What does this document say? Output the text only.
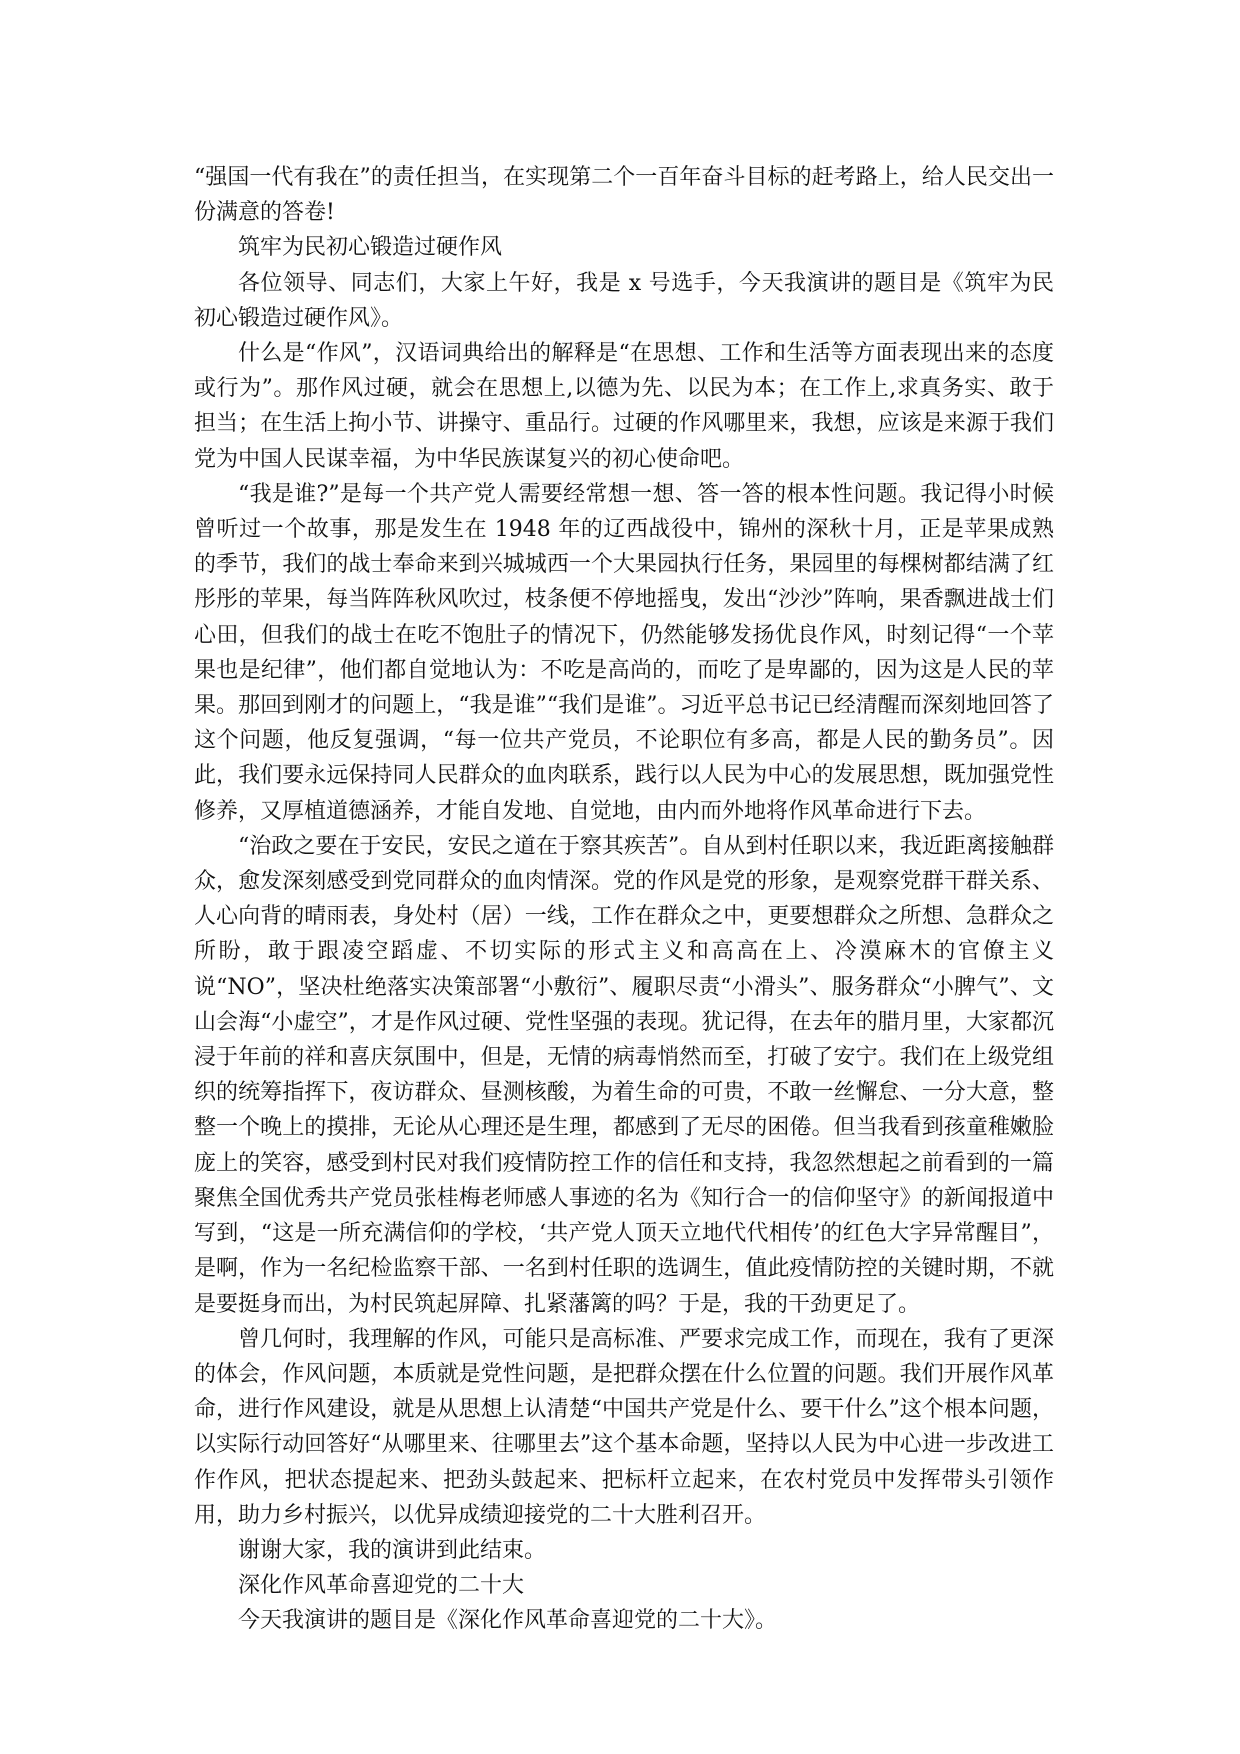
“强国一代有我在”的责任担当，在实现第二个一百年奋斗目标的赶考路上，给人民交出一份满意的答卷!

筑牢为民初心锻造过硬作风

各位领导、同志们，大家上午好，我是 x 号选手，今天我演讲的题目是《筑牢为民初心锻造过硬作风》。

什么是“作风”，汉语词典给出的解释是“在思想、工作和生活等方面表现出来的态度或行为”。那作风过硬，就会在思想上,以德为先、以民为本；在工作上,求真务实、敢于担当；在生活上拘小节、讲操守、重品行。过硬的作风哪里来，我想，应该是来源于我们党为中国人民谋幸福，为中华民族谋复兴的初心使命吧。

“我是谁?”是每一个共产党人需要经常想一想、答一答的根本性问题。我记得小时候曾听过一个故事，那是发生在 1948 年的辽西战役中，锦州的深秋十月，正是苹果成熟的季节，我们的战士奉命来到兴城城西一个大果园执行任务，果园里的每棵树都结满了红彤彤的苹果，每当阵阵秋风吹过，枝条便不停地摇曳，发出“沙沙”阵响，果香飘进战士们心田，但我们的战士在吃不饱肚子的情况下，仍然能够发扬优良作风，时刻记得“一个苹果也是纪律”，他们都自觉地认为：不吃是高尚的，而吃了是卑鄙的，因为这是人民的苹果。那回到刚才的问题上，“我是谁”“我们是谁”。习近平总书记已经清醒而深刻地回答了这个问题，他反复强调，“每一位共产党员，不论职位有多高，都是人民的勤务员”。因此，我们要永远保持同人民群众的血肉联系，践行以人民为中心的发展思想，既加强党性修养，又厚植道德涵养，才能自发地、自觉地，由内而外地将作风革命进行下去。

“治政之要在于安民，安民之道在于察其疾苦”。自从到村任职以来，我近距离接触群众，愈发深刻感受到党同群众的血肉情深。党的作风是党的形象，是观察党群干群关系、人心向背的晴雨表，身处村（居）一线，工作在群众之中，更要想群众之所想、急群众之所盼，敢于跟凌空蹈虚、不切实际的形式主义和高高在上、冷漠麻木的官僚主义说“NO”，坚决杜绝落实决策部署“小敷衍”、履职尽责“小滑头”、服务群众“小脾气”、文山会海“小虚空”，才是作风过硬、党性坚强的表现。犹记得，在去年的腊月里，大家都沉浸于年前的祥和喜庆氛围中，但是，无情的病毒悄然而至，打破了安宁。我们在上级党组织的统筹指挥下，夜访群众、昼测核酸，为着生命的可贵，不敢一丝懈怠、一分大意，整整一个晚上的摸排，无论从心理还是生理，都感到了无尽的困倦。但当我看到孩童稚嫩脸庞上的笑容，感受到村民对我们疫情防控工作的信任和支持，我忽然想起之前看到的一篇聚焦全国优秀共产党员张桂梅老师感人事迹的名为《知行合一的信仰坚守》的新闻报道中写到，“这是一所充满信仰的学校，‘共产党人顶天立地代代相传’的红色大字异常醒目”，是啊，作为一名纪检监察干部、一名到村任职的选调生，值此疫情防控的关键时期，不就是要挺身而出，为村民筑起屏障、扎紧藩篱的吗？于是，我的干劲更足了。

曾几何时，我理解的作风，可能只是高标准、严要求完成工作，而现在，我有了更深的体会，作风问题，本质就是党性问题，是把群众摆在什么位置的问题。我们开展作风革命，进行作风建设，就是从思想上认清楚“中国共产党是什么、要干什么”这个根本问题，以实际行动回答好“从哪里来、往哪里去”这个基本命题，坚持以人民为中心进一步改进工作作风，把状态提起来、把劲头鼓起来、把标杆立起来，在农村党员中发挥带头引领作用，助力乡村振兴，以优异成绩迎接党的二十大胜利召开。

谢谢大家，我的演讲到此结束。

深化作风革命喜迎党的二十大

今天我演讲的题目是《深化作风革命喜迎党的二十大》。
